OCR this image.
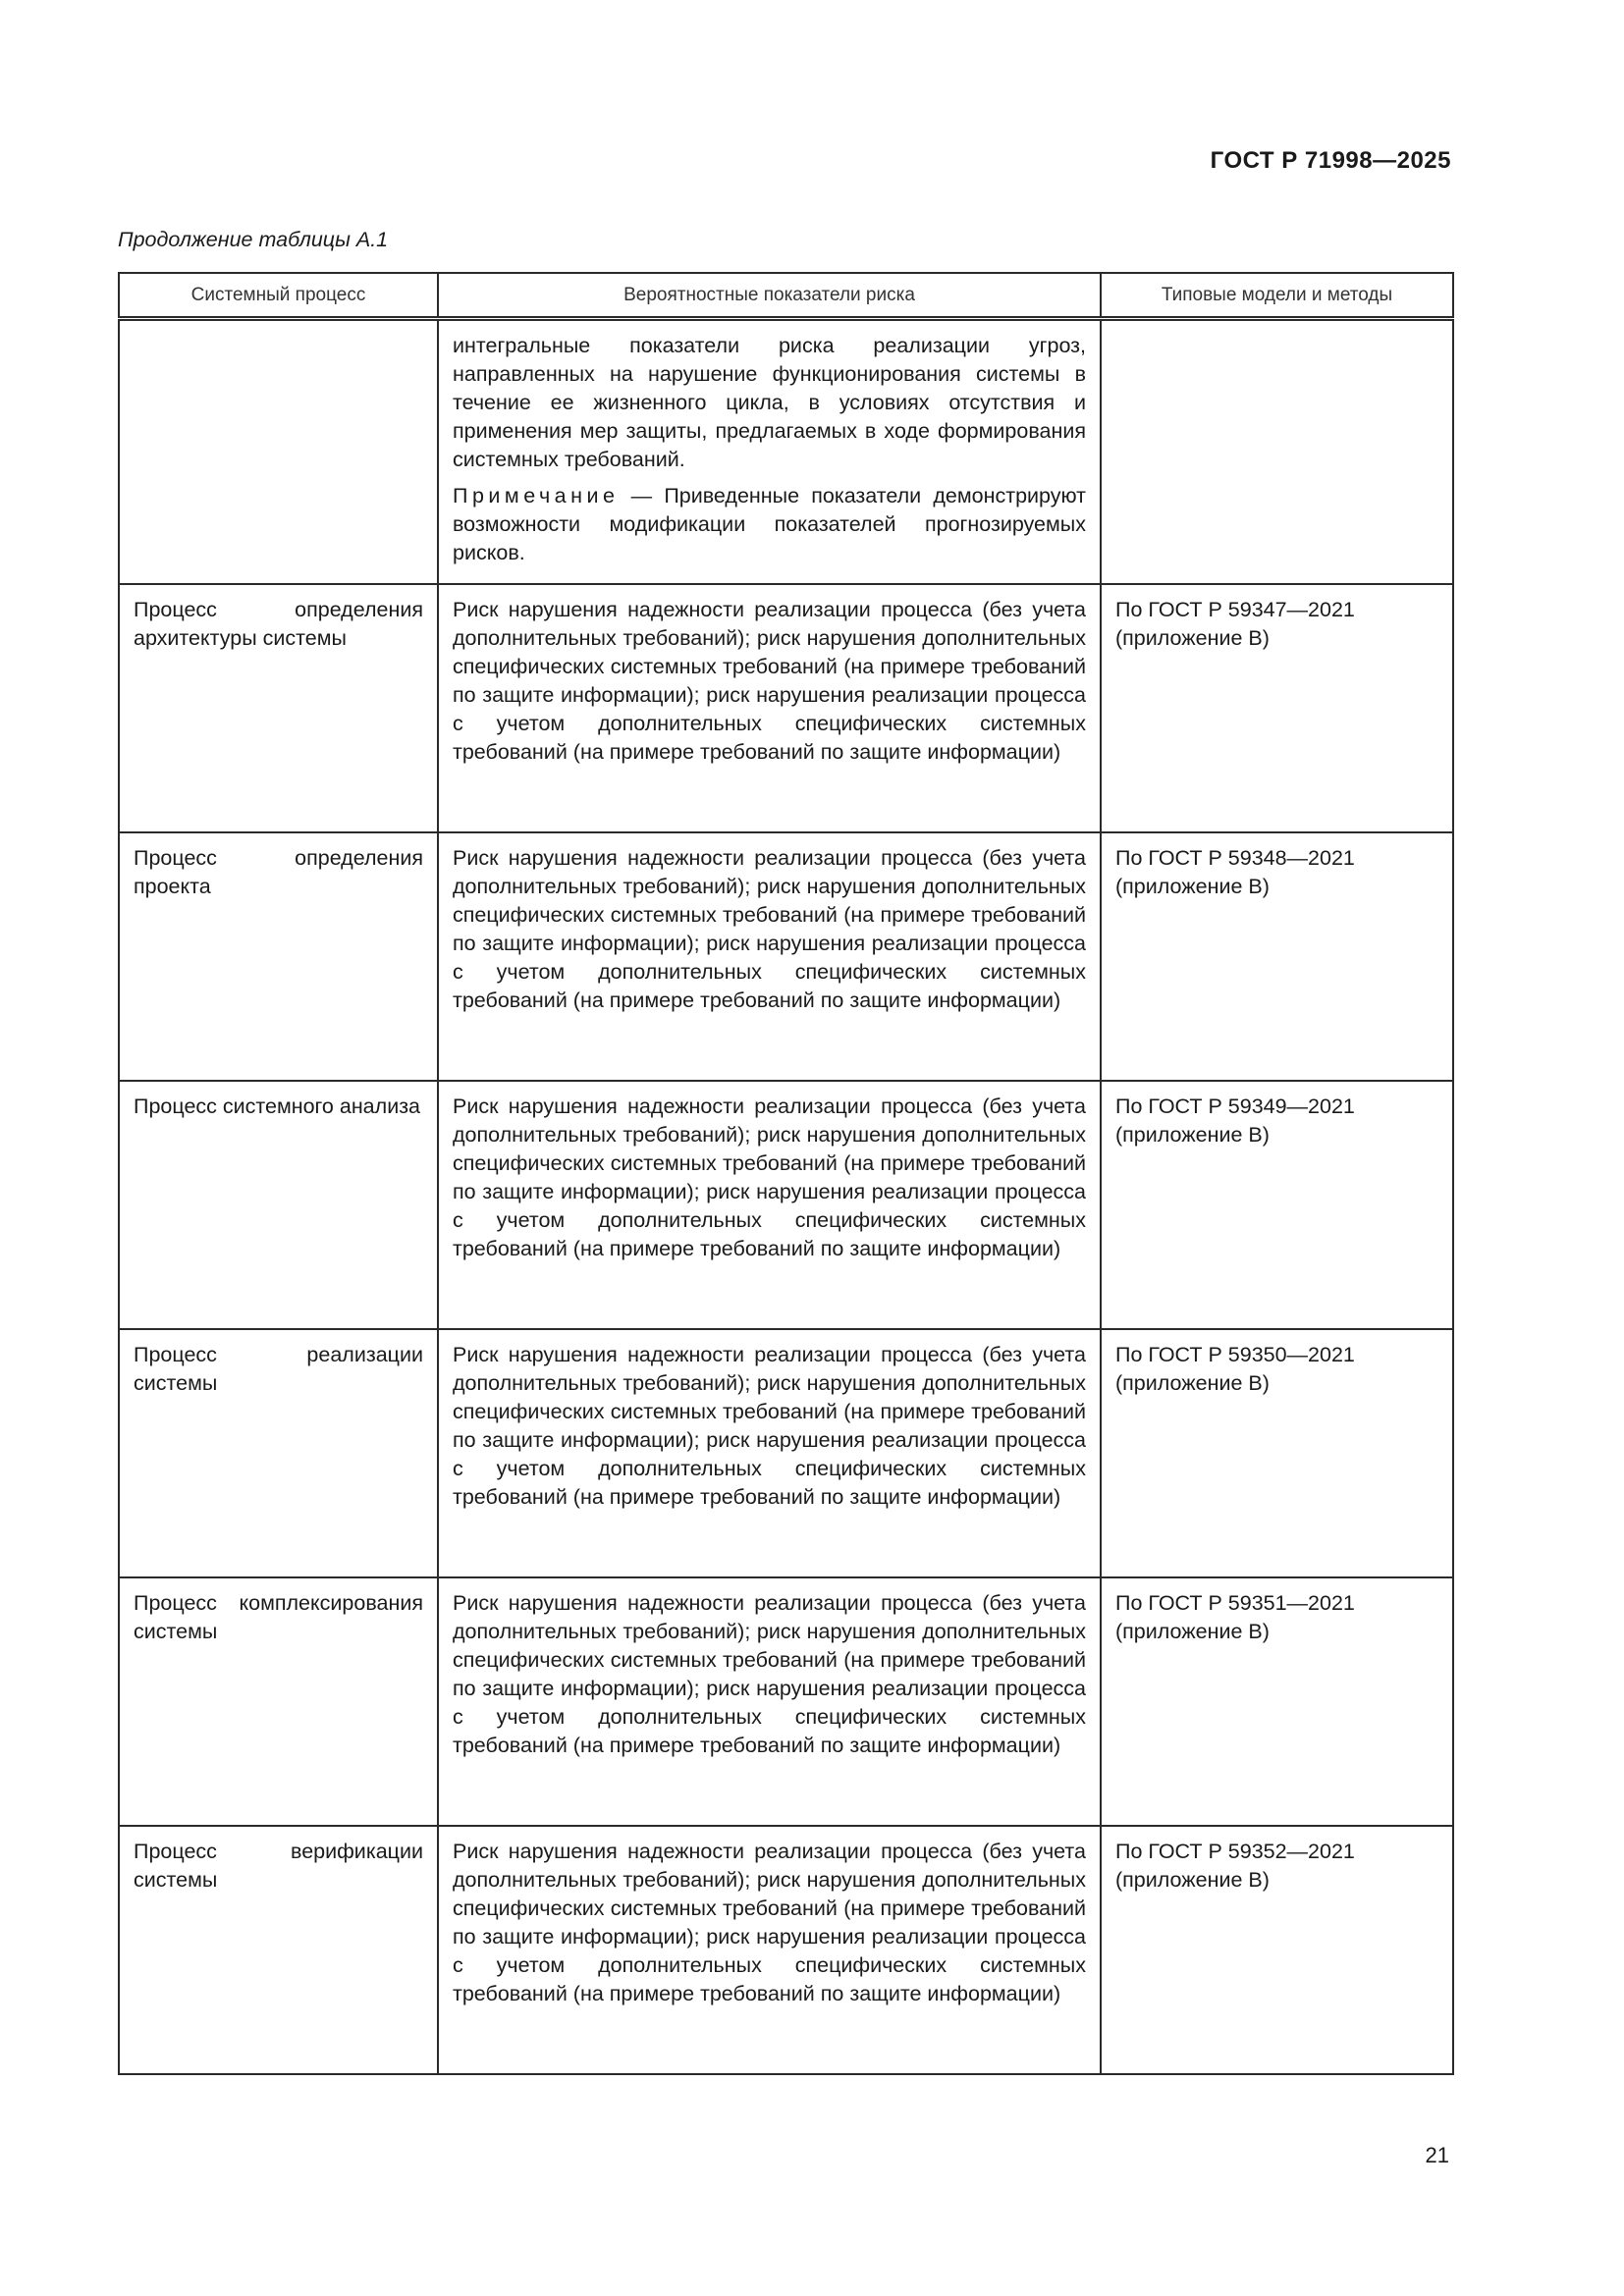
ГОСТ Р 71998—2025
Продолжение таблицы А.1
Системный процесс	Вероятностные показатели риска	Типовые модели и методы

	интегральные показатели риска реализации угроз, направленных на нарушение функционирования системы в течение ее жизненного цикла, в условиях отсутствия и применения мер защиты, предлагаемых в ходе формирования системных требований.

Примечание — Приведенные показатели демонстрируют возможности модификации показателей прогнозируемых рисков.	

Процесс определения архитектуры системы	Риск нарушения надежности реализации процесса (без учета дополнительных требований); риск нарушения дополнительных специфических системных требований (на примере требований по защите информации); риск нарушения реализации процесса с учетом дополнительных специфических системных требований (на примере требований по защите информации)	По ГОСТ Р 59347—2021 (приложение В)

Процесс определения проекта	Риск нарушения надежности реализации процесса (без учета дополнительных требований); риск нарушения дополнительных специфических системных требований (на примере требований по защите информации); риск нарушения реализации процесса с учетом дополнительных специфических системных требований (на примере требований по защите информации)	По ГОСТ Р 59348—2021 (приложение В)

Процесс системного анализа	Риск нарушения надежности реализации процесса (без учета дополнительных требований); риск нарушения дополнительных специфических системных требований (на примере требований по защите информации); риск нарушения реализации процесса с учетом дополнительных специфических системных требований (на примере требований по защите информации)	По ГОСТ Р 59349—2021 (приложение В)

Процесс реализации системы	Риск нарушения надежности реализации процесса (без учета дополнительных требований); риск нарушения дополнительных специфических системных требований (на примере требований по защите информации); риск нарушения реализации процесса с учетом дополнительных специфических системных требований (на примере требований по защите информации)	По ГОСТ Р 59350—2021 (приложение В)

Процесс комплексирования системы	Риск нарушения надежности реализации процесса (без учета дополнительных требований); риск нарушения дополнительных специфических системных требований (на примере требований по защите информации); риск нарушения реализации процесса с учетом дополнительных специфических системных требований (на примере требований по защите информации)	По ГОСТ Р 59351—2021 (приложение В)

Процесс верификации системы	Риск нарушения надежности реализации процесса (без учета дополнительных требований); риск нарушения дополнительных специфических системных требований (на примере требований по защите информации); риск нарушения реализации процесса с учетом дополнительных специфических системных требований (на примере требований по защите информации)	По ГОСТ Р 59352—2021 (приложение В)
21
